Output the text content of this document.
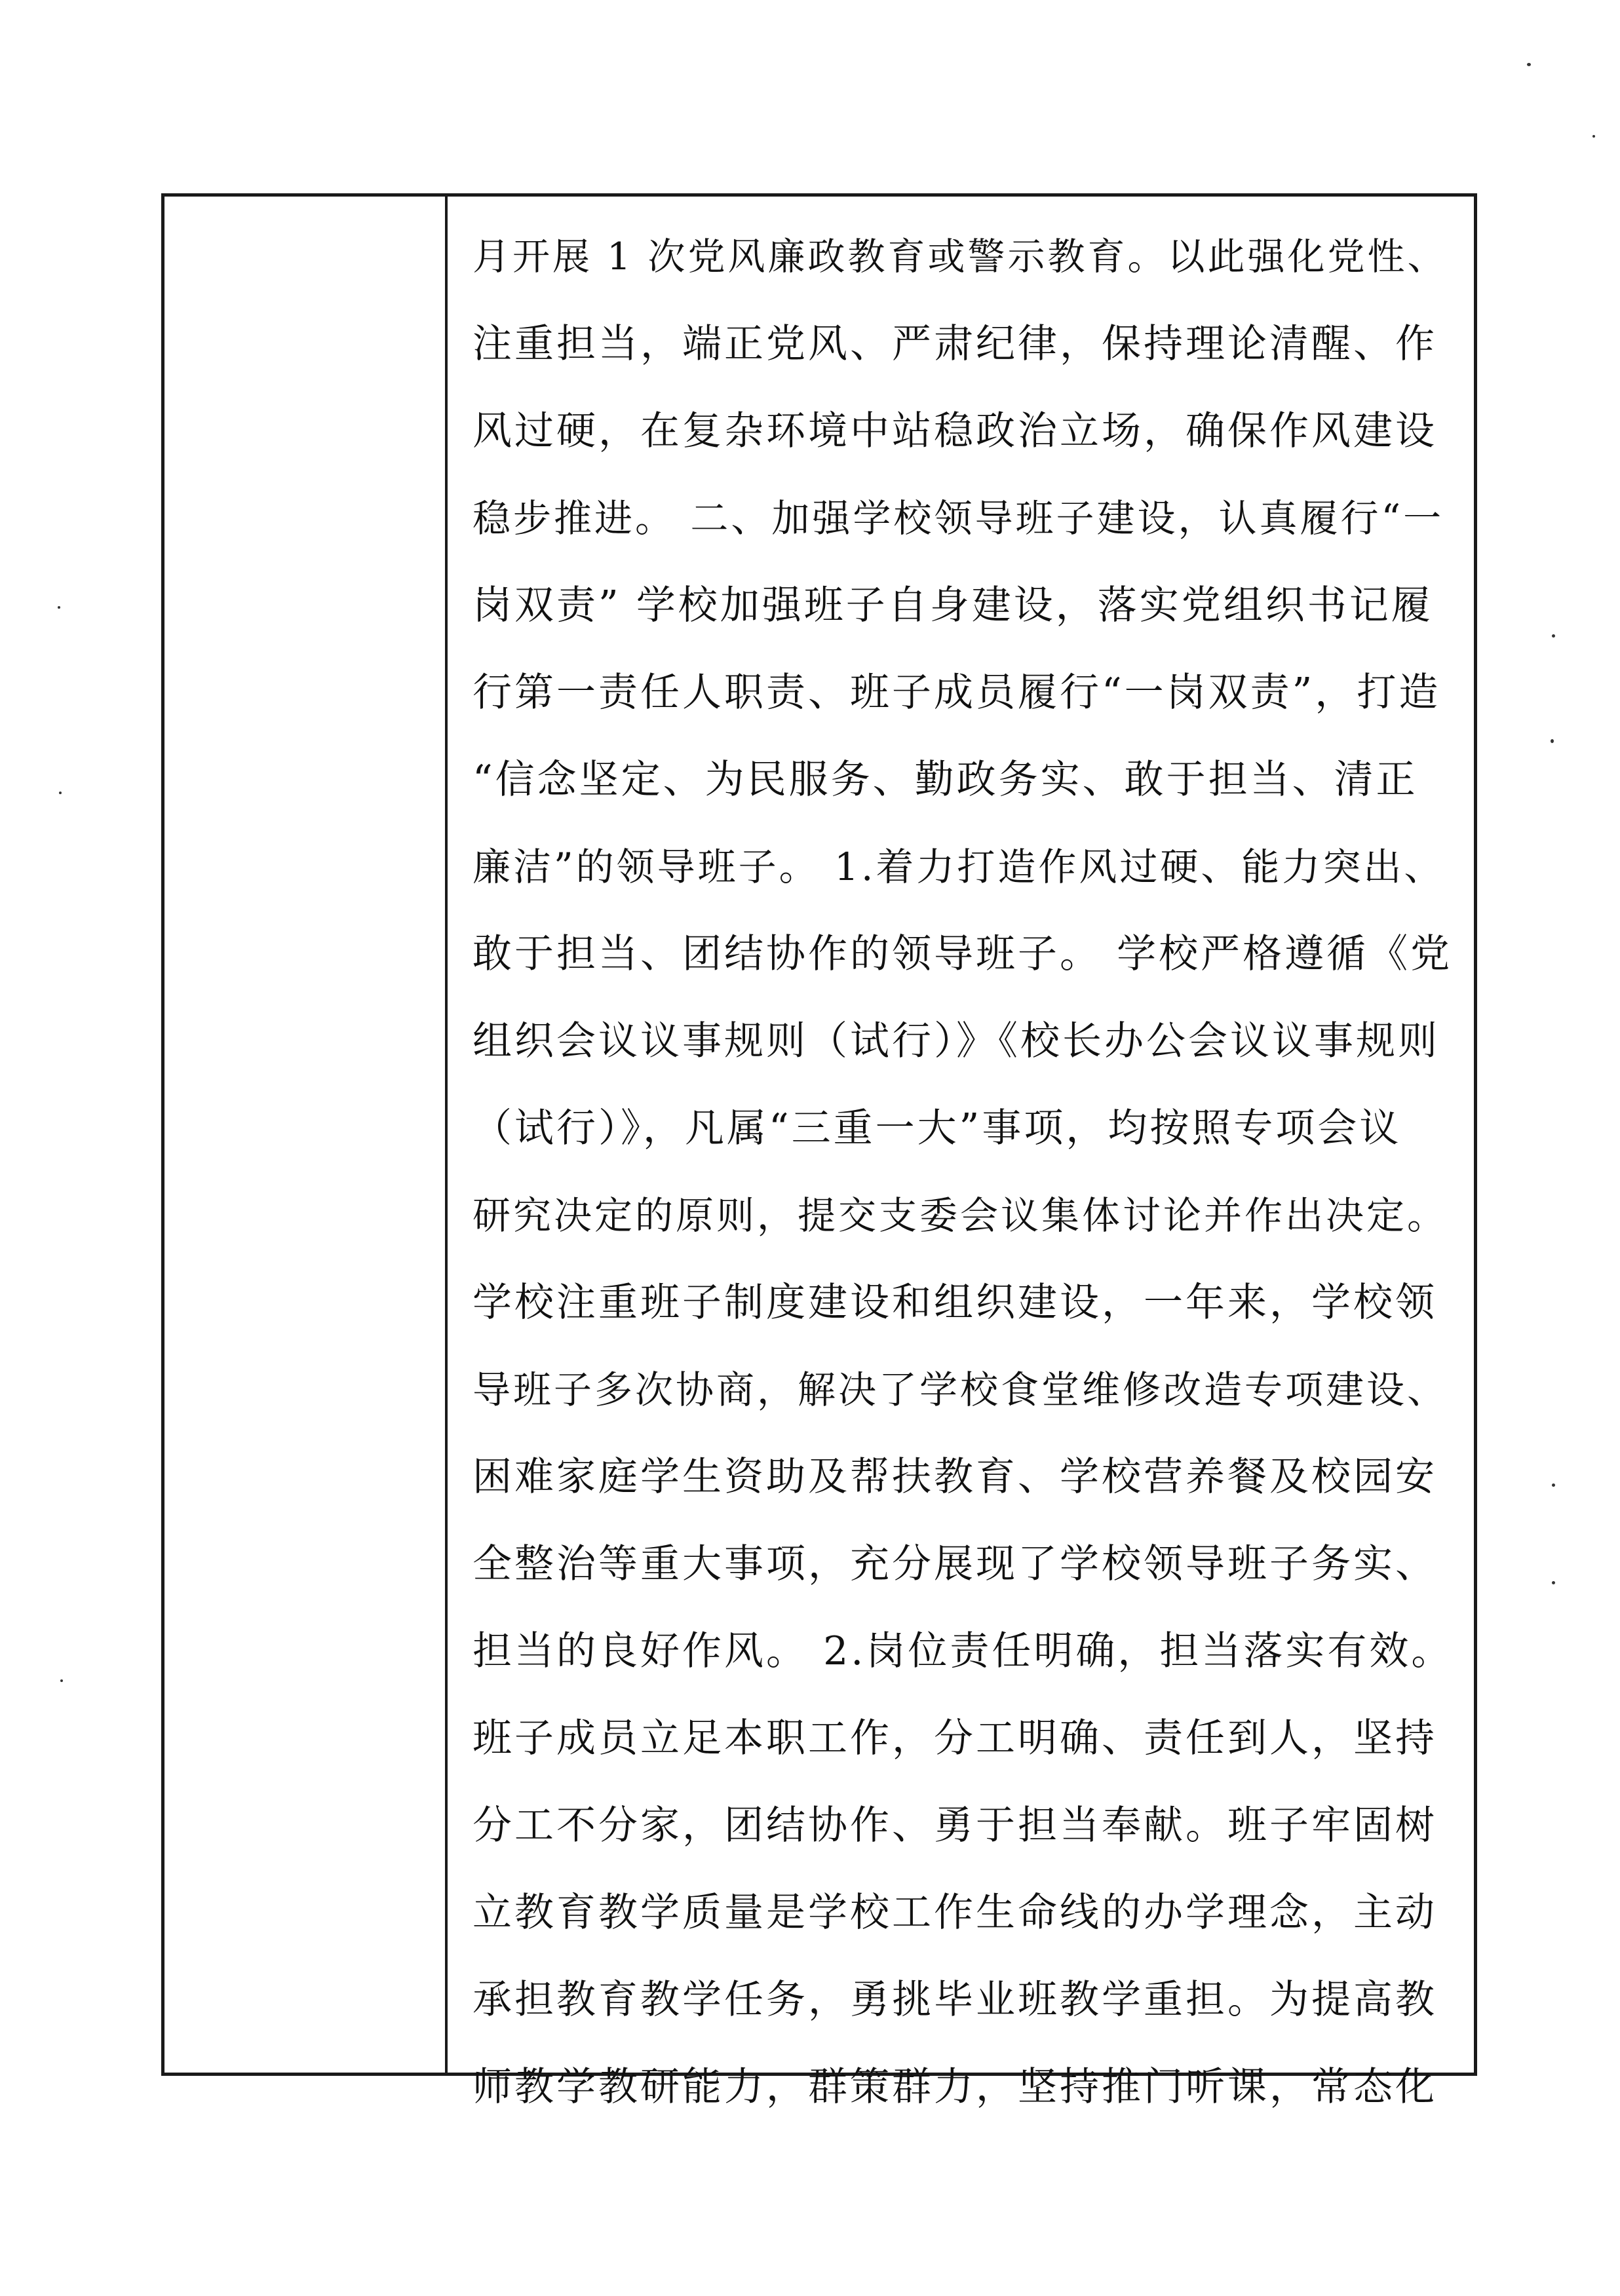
月开展 1 次党风廉政教育或警示教育。以此强化党性、
注重担当，端正党风、严肃纪律，保持理论清醒、作
风过硬，在复杂环境中站稳政治立场，确保作风建设
稳步推进。 二、加强学校领导班子建设，认真履行“一
岗双责” 学校加强班子自身建设，落实党组织书记履
行第一责任人职责、班子成员履行“一岗双责”，打造
“信念坚定、为民服务、勤政务实、敢于担当、清正
廉洁”的领导班子。 1.着力打造作风过硬、能力突出、
敢于担当、团结协作的领导班子。 学校严格遵循《党
组织会议议事规则（试行）》《校长办公会议议事规则
（试行）》，凡属“三重一大”事项，均按照专项会议
研究决定的原则，提交支委会议集体讨论并作出决定。
学校注重班子制度建设和组织建设，一年来，学校领
导班子多次协商，解决了学校食堂维修改造专项建设、
困难家庭学生资助及帮扶教育、学校营养餐及校园安
全整治等重大事项，充分展现了学校领导班子务实、
担当的良好作风。 2.岗位责任明确，担当落实有效。
班子成员立足本职工作，分工明确、责任到人，坚持
分工不分家，团结协作、勇于担当奉献。班子牢固树
立教育教学质量是学校工作生命线的办学理念，主动
承担教育教学任务，勇挑毕业班教学重担。为提高教
师教学教研能力，群策群力，坚持推门听课，常态化
